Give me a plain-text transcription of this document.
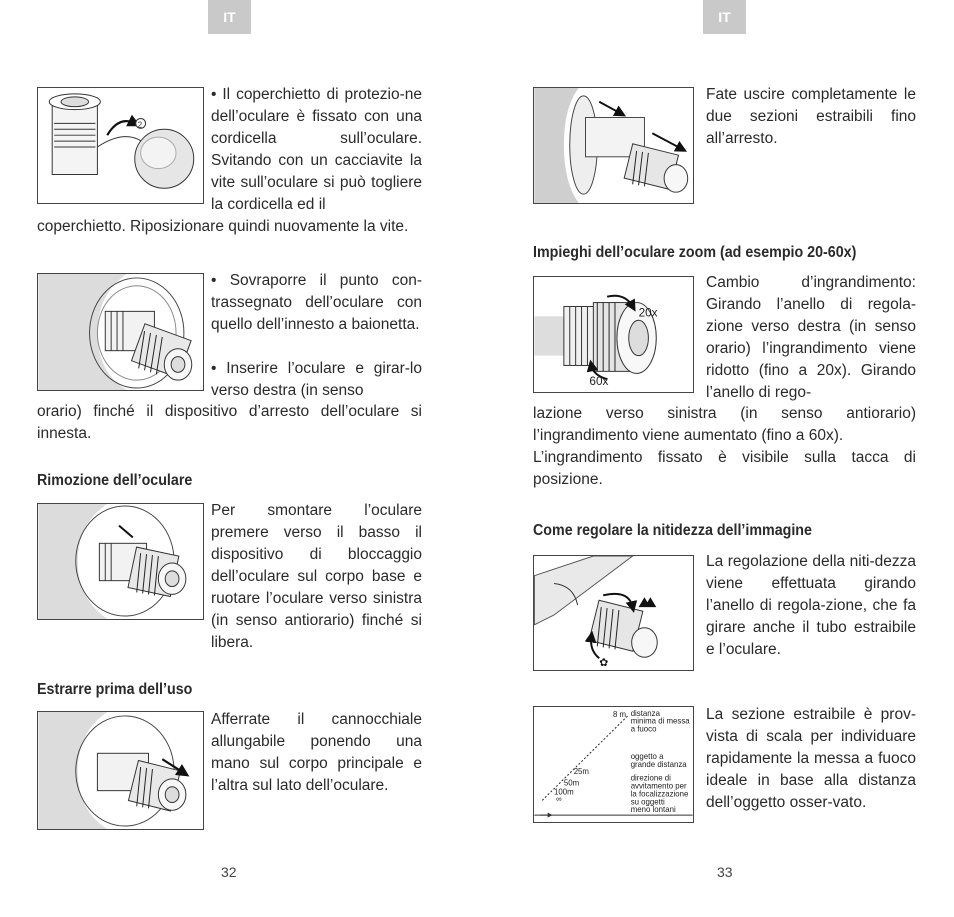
IT
2

• Il coperchietto di protezio-ne dell’oculare è fissato con una cordicella sull’oculare. Svitando con un cacciavite la vite sull’oculare si può togliere la cordicella ed il

coperchietto. Riposizionare quindi nuovamente la vite.

• Sovraporre il punto con-trassegnato dell’oculare con quello dell’innesto a baionetta.

• Inserire l’oculare e girar-lo verso destra (in senso

orario) finché il dispositivo d’arresto dell’oculare si innesta.

Rimozione dell’oculare

Per smontare l’oculare premere verso il basso il dispositivo di bloccaggio dell’oculare sul corpo base e ruotare l’oculare verso sinistra (in senso antiorario) finché si libera.

Estrarre prima dell’uso

Afferrate il cannocchiale allungabile ponendo una mano sul corpo principale e l’altra sul lato dell’oculare.

32
IT

Fate uscire completamente le due sezioni estraibili fino all’arresto.

Impieghi dell’oculare zoom (ad esempio 20-60x)
20x
60x

Cambio d’ingrandimento: Girando l’anello di regola-zione verso destra (in senso orario) l’ingrandimento viene ridotto (fino a 20x). Girando l’anello di rego-

lazione verso sinistra (in senso antiorario) l’ingrandimento viene aumentato (fino a 60x).

L’ingrandimento fissato è visibile sulla tacca di posizione.

Come regolare la nitidezza dell’immagine
✿

La regolazione della niti-dezza viene effettuata girando l’anello di regola-zione, che fa girare anche il tubo estraibile e l’oculare.

8 m
25m
50m
100m
∞
distanza
minima di messa
a fuoco
oggetto a
grande distanza
direzione di
avvitamento per
la focalizzazione
su oggetti
meno lontani

La sezione estraibile è prov-vista di scala per individuare rapidamente la messa a fuoco ideale in base alla distanza dell’oggetto osser-vato.

33
